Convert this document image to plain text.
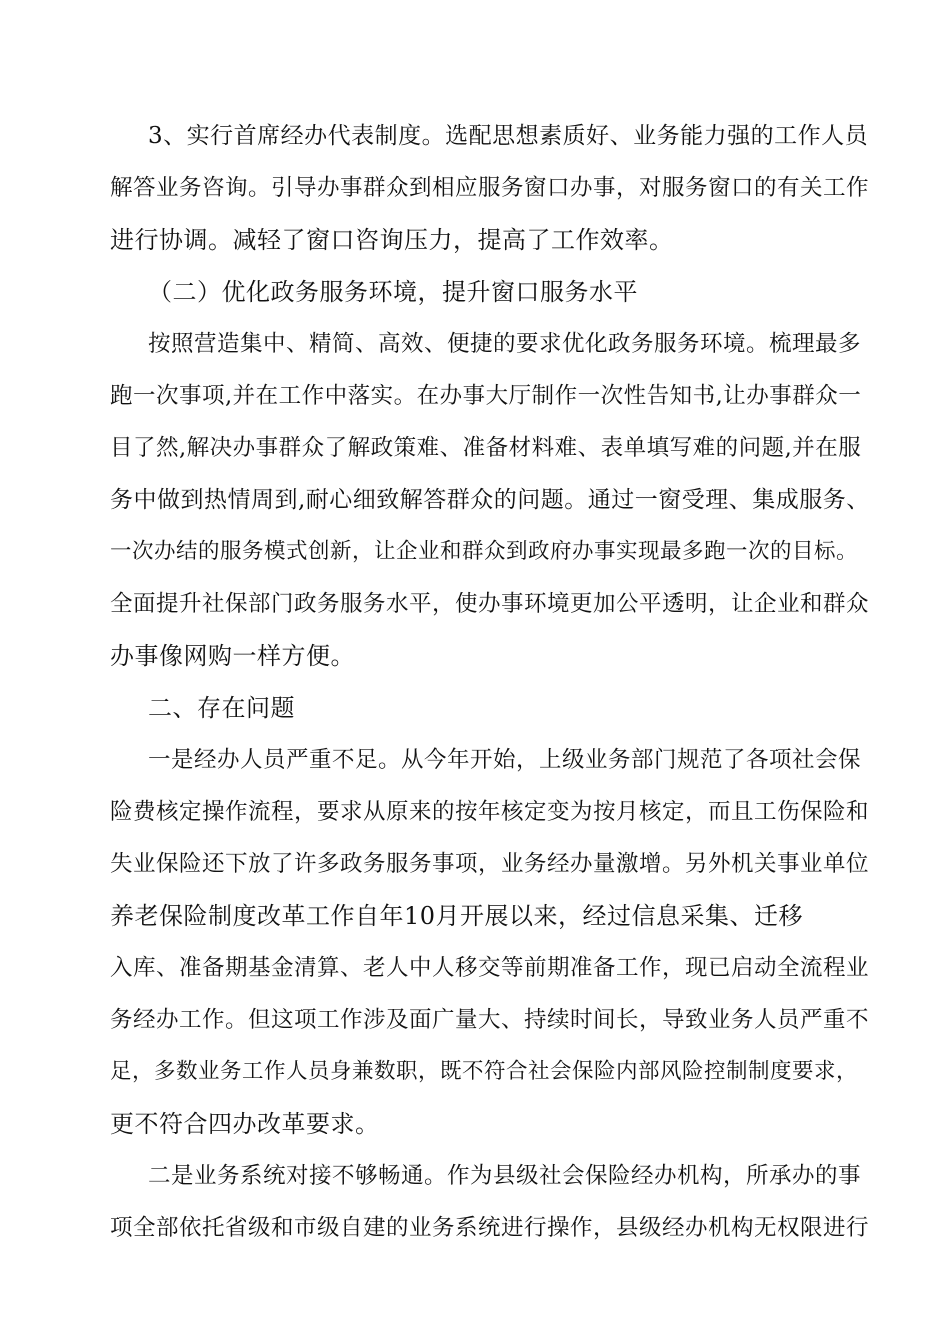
3、实行首席经办代表制度。选配思想素质好、业务能力强的工作人员
解答业务咨询。引导办事群众到相应服务窗口办事，对服务窗口的有关工作
进行协调。减轻了窗口咨询压力，提高了工作效率。
（二）优化政务服务环境，提升窗口服务水平
按照营造集中、精简、高效、便捷的要求优化政务服务环境。梳理最多
跑一次事项,并在工作中落实。在办事大厅制作一次性告知书,让办事群众一
目了然,解决办事群众了解政策难、准备材料难、表单填写难的问题,并在服
务中做到热情周到,耐心细致解答群众的问题。通过一窗受理、集成服务、
一次办结的服务模式创新，让企业和群众到政府办事实现最多跑一次的目标。
全面提升社保部门政务服务水平，使办事环境更加公平透明，让企业和群众
办事像网购一样方便。
二、存在问题
一是经办人员严重不足。从今年开始，上级业务部门规范了各项社会保
险费核定操作流程，要求从原来的按年核定变为按月核定，而且工伤保险和
失业保险还下放了许多政务服务事项，业务经办量激增。另外机关事业单位
养老保险制度改革工作自年10月开展以来，经过信息采集、迁移
入库、准备期基金清算、老人中人移交等前期准备工作，现已启动全流程业
务经办工作。但这项工作涉及面广量大、持续时间长，导致业务人员严重不
足，多数业务工作人员身兼数职，既不符合社会保险内部风险控制制度要求，
更不符合四办改革要求。
二是业务系统对接不够畅通。作为县级社会保险经办机构，所承办的事
项全部依托省级和市级自建的业务系统进行操作，县级经办机构无权限进行
